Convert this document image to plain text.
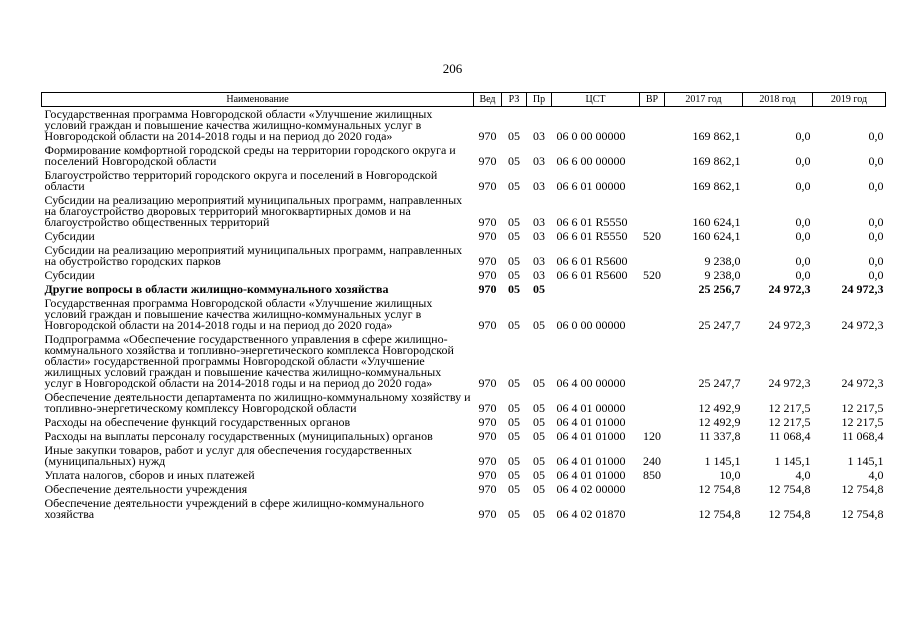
206
Наименование	Вед	РЗ	Пр	ЦСТ	ВР	2017 год	2018 год	2019 год
Государственная программа Новгородской области «Улучшение жилищных условий граждан и повышение качества жилищно-коммунальных услуг в Новгородской области на 2014-2018 годы и на период до 2020 года»	970	05	03	06 0 00 00000		169 862,1	0,0	0,0
Формирование комфортной городской среды на территории городского округа и поселений Новгородской области	970	05	03	06 6 00 00000		169 862,1	0,0	0,0
Благоустройство территорий городского округа и поселений в Новгородской области	970	05	03	06 6 01 00000		169 862,1	0,0	0,0
Субсидии на реализацию мероприятий муниципальных программ, направленных на благоустройство дворовых территорий многоквартирных домов и на благоустройство общественных территорий	970	05	03	06 6 01 R5550		160 624,1	0,0	0,0
Субсидии	970	05	03	06 6 01 R5550	520	160 624,1	0,0	0,0
Субсидии на реализацию мероприятий муниципальных программ, направленных на обустройство городских парков	970	05	03	06 6 01 R5600		9 238,0	0,0	0,0
Субсидии	970	05	03	06 6 01 R5600	520	9 238,0	0,0	0,0
Другие вопросы в области жилищно-коммунального хозяйства	970	05	05			25 256,7	24 972,3	24 972,3
Государственная программа Новгородской области «Улучшение жилищных условий граждан и повышение качества жилищно-коммунальных услуг в Новгородской области на 2014-2018 годы и на период до 2020 года»	970	05	05	06 0 00 00000		25 247,7	24 972,3	24 972,3
Подпрограмма «Обеспечение государственного управления в сфере жилищно-коммунального хозяйства и топливно-энергетического комплекса Новгородской области» государственной программы Новгородской области «Улучшение жилищных условий граждан и повышение качества жилищно-коммунальных услуг в Новгородской области на 2014-2018 годы и на период до 2020 года»	970	05	05	06 4 00 00000		25 247,7	24 972,3	24 972,3
Обеспечение деятельности департамента по жилищно-коммунальному хозяйству и топливно-энергетическому комплексу Новгородской области	970	05	05	06 4 01 00000		12 492,9	12 217,5	12 217,5
Расходы на обеспечение функций государственных органов	970	05	05	06 4 01 01000		12 492,9	12 217,5	12 217,5
Расходы на выплаты персоналу государственных (муниципальных) органов	970	05	05	06 4 01 01000	120	11 337,8	11 068,4	11 068,4
Иные закупки товаров, работ и услуг для обеспечения государственных (муниципальных) нужд	970	05	05	06 4 01 01000	240	1 145,1	1 145,1	1 145,1
Уплата налогов, сборов и иных платежей	970	05	05	06 4 01 01000	850	10,0	4,0	4,0
Обеспечение деятельности учреждения	970	05	05	06 4 02 00000		12 754,8	12 754,8	12 754,8
Обеспечение деятельности учреждений в сфере жилищно-коммунального хозяйства	970	05	05	06 4 02 01870		12 754,8	12 754,8	12 754,8
